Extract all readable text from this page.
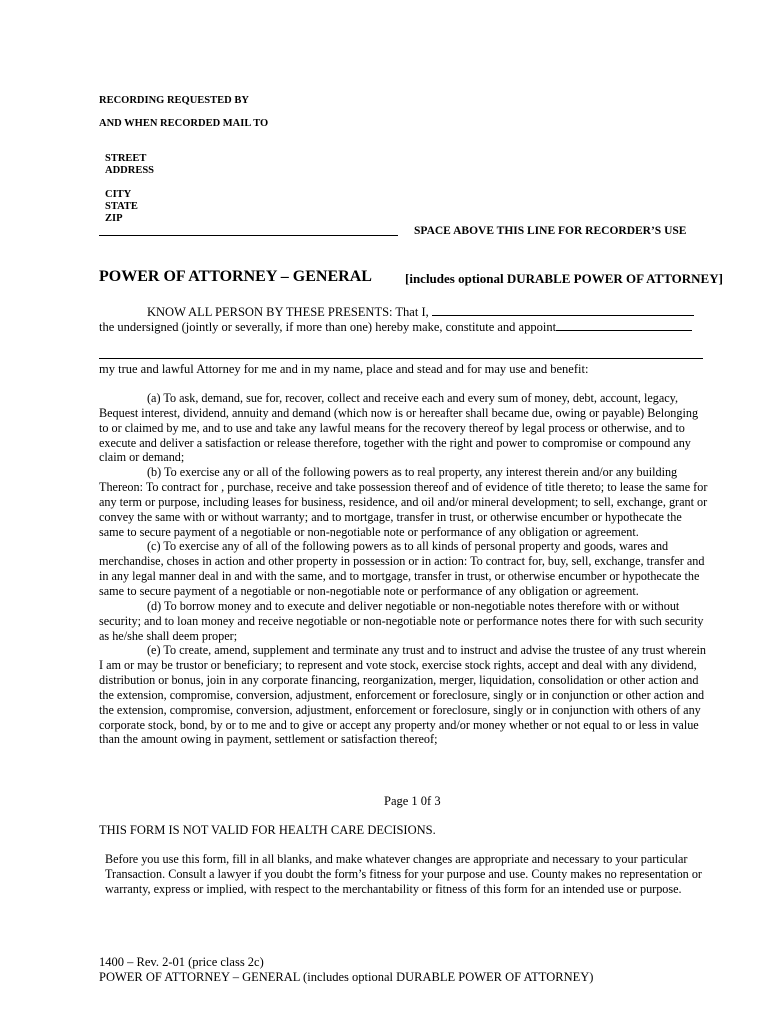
RECORDING REQUESTED BY
AND WHEN RECORDED MAIL TO
STREET
ADDRESS
CITY
STATE
ZIP
SPACE ABOVE THIS LINE FOR RECORDER’S USE
POWER OF ATTORNEY – GENERAL	[includes optional DURABLE POWER OF ATTORNEY]
KNOW ALL PERSON BY THESE PRESENTS: That I,
the undersigned (jointly or severally, if more than one) hereby make, constitute and appoint
my true and lawful Attorney for me and in my name, place and stead and for may use and benefit:

(a) To ask, demand, sue for, recover, collect and receive each and every sum of money, debt, account, legacy, Bequest interest, dividend, annuity and demand (which now is or hereafter shall became due, owing or payable) Belonging to or claimed by me, and to use and take any lawful means for the recovery thereof by legal process or otherwise, and to execute and deliver a satisfaction or release therefore, together with the right and power to compromise or compound any claim or demand;

(b) To exercise any or all of the following powers as to real property, any interest therein and/or any building Thereon: To contract for , purchase, receive and take possession thereof and of evidence of title thereto; to lease the same for any term or purpose, including leases for business, residence, and oil and/or mineral development; to sell, exchange, grant or convey the same with or without warranty; and to mortgage, transfer in trust, or otherwise encumber or hypothecate the same to secure payment of a negotiable or non-negotiable note or performance of any obligation or agreement.

(c) To exercise any of all of the following powers as to all kinds of personal property and goods, wares and merchandise, choses in action and other property in possession or in action: To contract for, buy, sell, exchange, transfer and in any legal manner deal in and with the same, and to mortgage, transfer in trust, or otherwise encumber or hypothecate the same to secure payment of a negotiable or non-negotiable note or performance of any obligation or agreement.

(d) To borrow money and to execute and deliver negotiable or non-negotiable notes therefore with or without security; and to loan money and receive negotiable or non-negotiable note or performance notes there for with such security as he/she shall deem proper;

(e) To create, amend, supplement and terminate any trust and to instruct and advise the trustee of any trust wherein I am or may be trustor or beneficiary; to represent and vote stock, exercise stock rights, accept and deal with any dividend, distribution or bonus, join in any corporate financing, reorganization, merger, liquidation, consolidation or other action and the extension, compromise, conversion, adjustment, enforcement or foreclosure, singly or in conjunction or other action and the extension, compromise, conversion, adjustment, enforcement or foreclosure, singly or in conjunction with others of any corporate stock, bond, by or to me and to give or accept any property and/or money whether or not equal to or less in value than the amount owing in payment, settlement or satisfaction thereof;

Page 1 0f 3
THIS FORM IS NOT VALID FOR HEALTH CARE DECISIONS.
Before you use this form, fill in all blanks, and make whatever changes are appropriate and necessary to your particular Transaction. Consult a lawyer if you doubt the form’s fitness for your purpose and use. County makes no representation or warranty, express or implied, with respect to the merchantability or fitness of this form for an intended use or purpose.
1400 – Rev. 2-01 (price class 2c)
POWER OF ATTORNEY – GENERAL (includes optional DURABLE POWER OF ATTORNEY)
